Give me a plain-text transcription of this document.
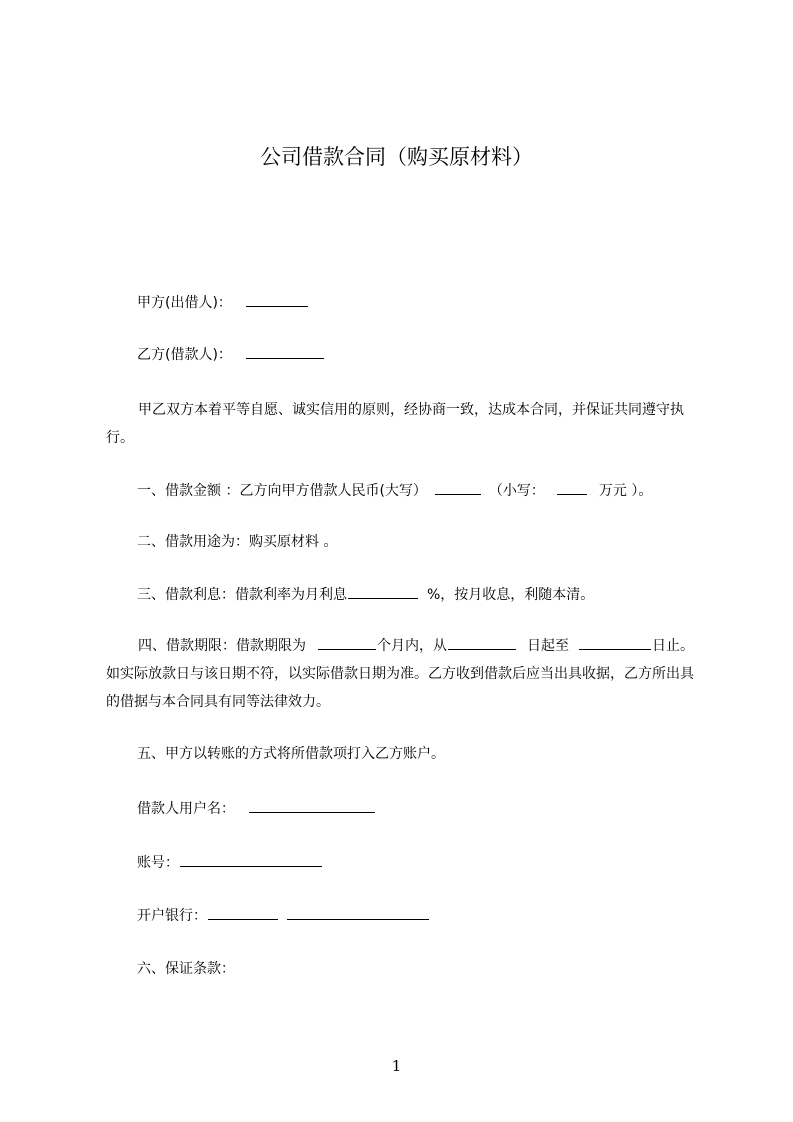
公司借款合同（购买原材料）
甲方(出借人)：
乙方(借款人)：
甲乙双方本着平等自愿、诚实信用的原则，经协商一致，达成本合同，并保证共同遵守执行。
一、借款金额 ：乙方向甲方借款人民币(大写）	（小写：	万元 ）。
二、借款用途为：购买原材料 。
三、借款利息：借款利率为月利息	%，按月收息，利随本清。
四、借款期限：借款期限为	个月内，从	日起至	日止。如实际放款日与该日期不符，以实际借款日期为准。乙方收到借款后应当出具收据，乙方所出具的借据与本合同具有同等法律效力。
五、甲方以转账的方式将所借款项打入乙方账户。
借款人用户名：
账号：
开户银行：
六、保证条款：
1
